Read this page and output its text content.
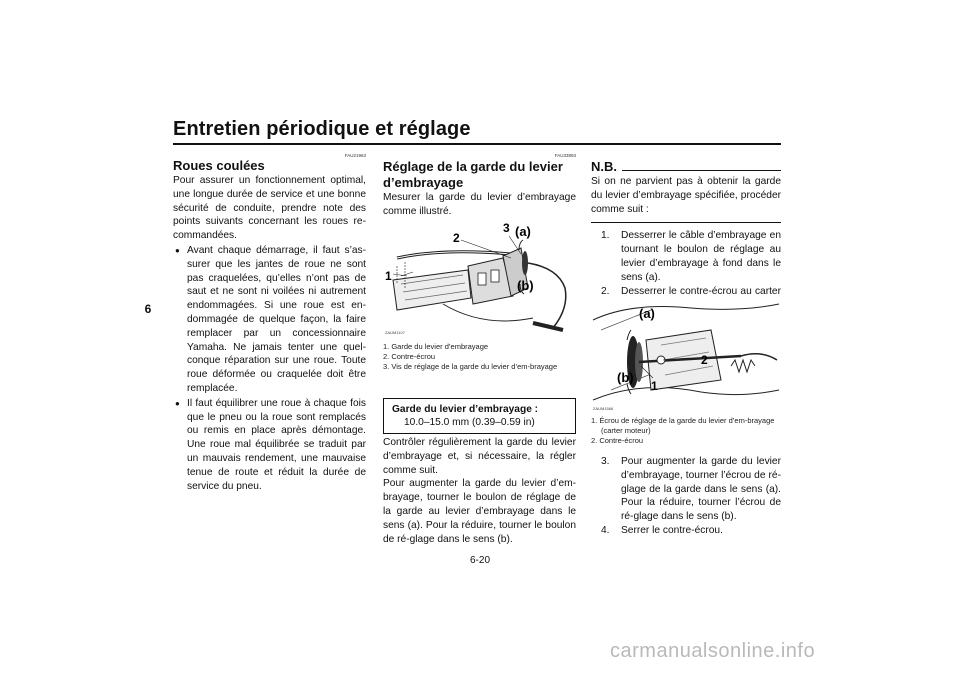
Entretien périodique et réglage
6
FAU21963
Roues coulées
Pour assurer un fonctionnement optimal, une longue durée de service et une bonne sécurité de conduite, prendre note des points suivants concernant les roues re-commandées.
● Avant chaque démarrage, il faut s’as-surer que les jantes de roue ne sont pas craquelées, qu’elles n’ont pas de saut et ne sont ni voilées ni autrement endommagées. Si une roue est en-dommagée de quelque façon, la faire remplacer par un concessionnaire Yamaha. Ne jamais tenter une quel-conque réparation sur une roue. Toute roue déformée ou craquelée doit être remplacée.
● Il faut équilibrer une roue à chaque fois que le pneu ou la roue sont remplacés ou remis en place après démontage. Une roue mal équilibrée se traduit par un mauvais rendement, une mauvaise tenue de route et réduit la durée de service du pneu.
FAU33893
Réglage de la garde du levier d’embrayage
Mesurer la garde du levier d’embrayage comme illustré.
2
3 (a)
(b)
1
ZAUM1107
1. Garde du levier d’embrayage
2. Contre-écrou
3. Vis de réglage de la garde du levier d’em-brayage
Garde du levier d’embrayage :
10.0–15.0 mm (0.39–0.59 in)
Contrôler régulièrement la garde du levier d’embrayage et, si nécessaire, la régler comme suit.
Pour augmenter la garde du levier d’em-brayage, tourner le boulon de réglage de la garde au levier d’embrayage dans le sens (a). Pour la réduire, tourner le boulon de ré-glage dans le sens (b).
N.B.
Si on ne parvient pas à obtenir la garde du levier d’embrayage spécifiée, procéder comme suit :
1. Desserrer le câble d’embrayage en tournant le boulon de réglage au levier d’embrayage à fond dans le sens (a).
2. Desserrer le contre-écrou au carter
(a)
(b)
1
2
ZAUM1566
1. Écrou de réglage de la garde du levier d’em-brayage (carter moteur)
2. Contre-écrou
3. Pour augmenter la garde du levier d’embrayage, tourner l’écrou de ré-glage de la garde dans le sens (a). Pour la réduire, tourner l’écrou de ré-glage dans le sens (b).
4. Serrer le contre-écrou.
6-20
carmanualsonline.info
